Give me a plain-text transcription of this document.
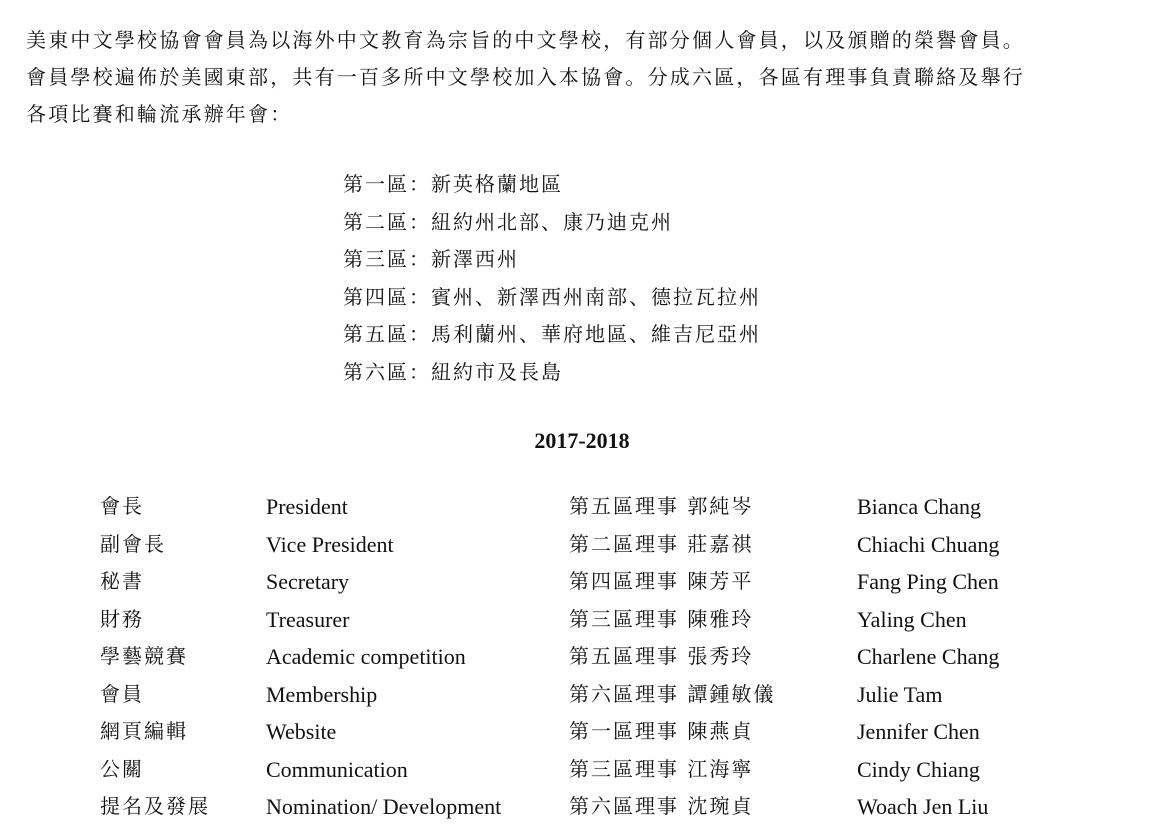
美東中文學校協會會員為以海外中文教育為宗旨的中文學校，有部分個人會員，以及頒贈的榮譽會員。

會員學校遍佈於美國東部，共有一百多所中文學校加入本協會。分成六區，各區有理事負責聯絡及舉行

各項比賽和輪流承辦年會：

第一區：新英格蘭地區
第二區：紐約州北部、康乃迪克州
第三區：新澤西州
第四區：賓州、新澤西州南部、德拉瓦拉州
第五區：馬利蘭州、華府地區、維吉尼亞州
第六區：紐約市及長島
2017-2018
會長	President	第五區理事 郭純岑	Bianca Chang
副會長	Vice President	第二區理事 莊嘉祺	Chiachi Chuang
秘書	Secretary	第四區理事 陳芳平	Fang Ping Chen
財務	Treasurer	第三區理事 陳雅玲	Yaling Chen
學藝競賽	Academic competition	第五區理事 張秀玲	Charlene Chang
會員	Membership	第六區理事 譚鍾敏儀	Julie Tam
網頁編輯	Website	第一區理事 陳燕貞	Jennifer Chen
公關	Communication	第三區理事 江海寧	Cindy Chiang
提名及發展	Nomination/ Development	第六區理事 沈琬貞	Woach Jen Liu
